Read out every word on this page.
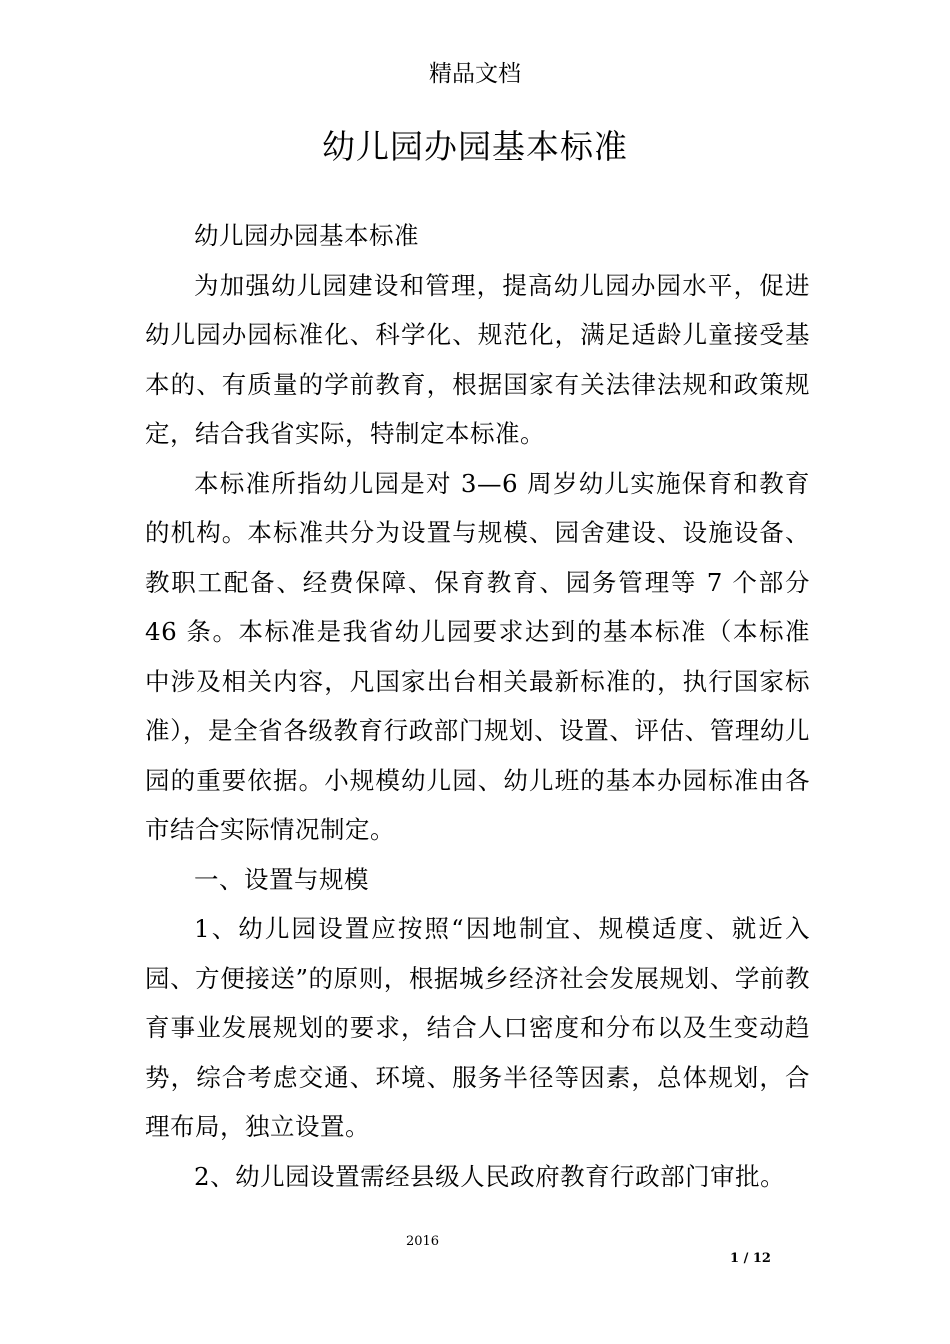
精品文档
幼儿园办园基本标准

幼儿园办园基本标准

为加强幼儿园建设和管理，提高幼儿园办园水平，促进幼儿园办园标准化、科学化、规范化，满足适龄儿童接受基本的、有质量的学前教育，根据国家有关法律法规和政策规定，结合我省实际，特制定本标准。

本标准所指幼儿园是对 3—6 周岁幼儿实施保育和教育的机构。本标准共分为设置与规模、园舍建设、设施设备、教职工配备、经费保障、保育教育、园务管理等 7 个部分 46 条。本标准是我省幼儿园要求达到的基本标准（本标准中涉及相关内容，凡国家出台相关最新标准的，执行国家标准），是全省各级教育行政部门规划、设置、评估、管理幼儿园的重要依据。小规模幼儿园、幼儿班的基本办园标准由各市结合实际情况制定。

一、设置与规模

1、幼儿园设置应按照“因地制宜、规模适度、就近入园、方便接送”的原则，根据城乡经济社会发展规划、学前教育事业发展规划的要求，结合人口密度和分布以及生变动趋势，综合考虑交通、环境、服务半径等因素，总体规划，合理布局，独立设置。

2、幼儿园设置需经县级人民政府教育行政部门审批。

2016
1 / 12
